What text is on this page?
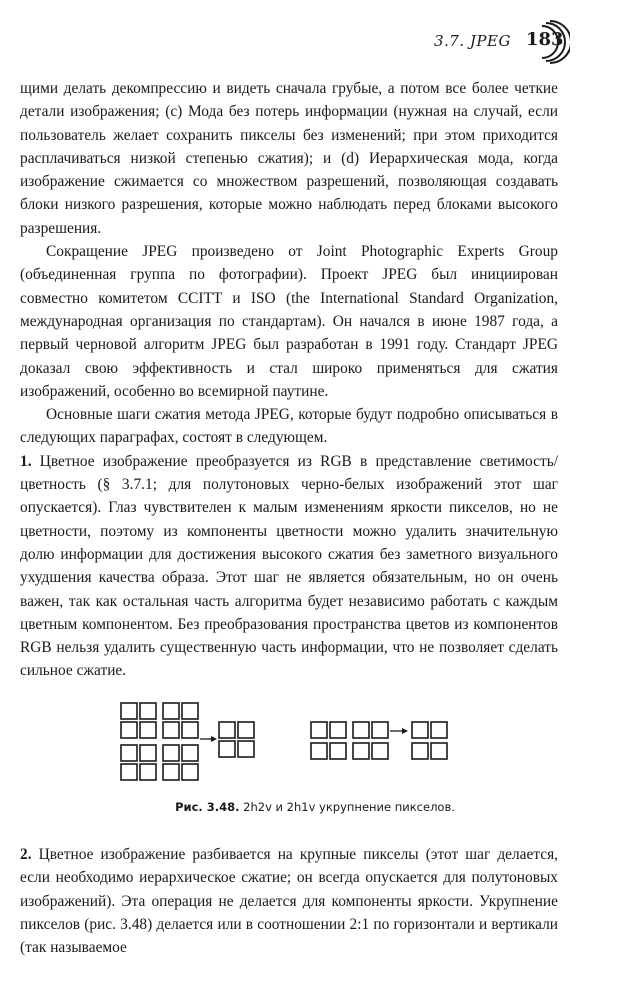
3.7. JPEG 183

щими делать декомпрессию и видеть сначала грубые, а потом все более четкие детали изображения; (c) Мода без потерь информации (нужная на случай, если пользователь желает сохранить пикселы без изменений; при этом приходится расплачиваться низкой степенью сжатия); и (d) Иерархическая мода, когда изображение сжимается со множеством разрешений, позволяющая создавать блоки низкого разрешения, которые можно наблюдать перед блоками высокого разрешения.

Сокращение JPEG произведено от Joint Photographic Experts Group (объединенная группа по фотографии). Проект JPEG был инициирован совместно комитетом CCITT и ISO (the International Standard Organization, международная организация по стандартам). Он начался в июне 1987 года, а первый черновой алгоритм JPEG был разработан в 1991 году. Стандарт JPEG доказал свою эффективность и стал широко применяться для сжатия изображений, особенно во всемирной паутине.

Основные шаги сжатия метода JPEG, которые будут подробно описываться в следующих параграфах, состоят в следующем.

1. Цветное изображение преобразуется из RGB в представление светимость/цветность (§ 3.7.1; для полутоновых черно-белых изображений этот шаг опускается). Глаз чувствителен к малым изменениям яркости пикселов, но не цветности, поэтому из компоненты цветности можно удалить значительную долю информации для достижения высокого сжатия без заметного визуального ухудшения качества образа. Этот шаг не является обязательным, но он очень важен, так как остальная часть алгоритма будет независимо работать с каждым цветным компонентом. Без преобразования пространства цветов из компонентов RGB нельзя удалить существенную часть информации, что не позволяет сделать сильное сжатие.

Рис. 3.48. 2h2v и 2h1v укрупнение пикселов.

2. Цветное изображение разбивается на крупные пикселы (этот шаг делается, если необходимо иерархическое сжатие; он всегда опускается для полутоновых изображений). Эта операция не делается для компоненты яркости. Укрупнение пикселов (рис. 3.48) делается или в соотношении 2:1 по горизонтали и вертикали (так называемое
